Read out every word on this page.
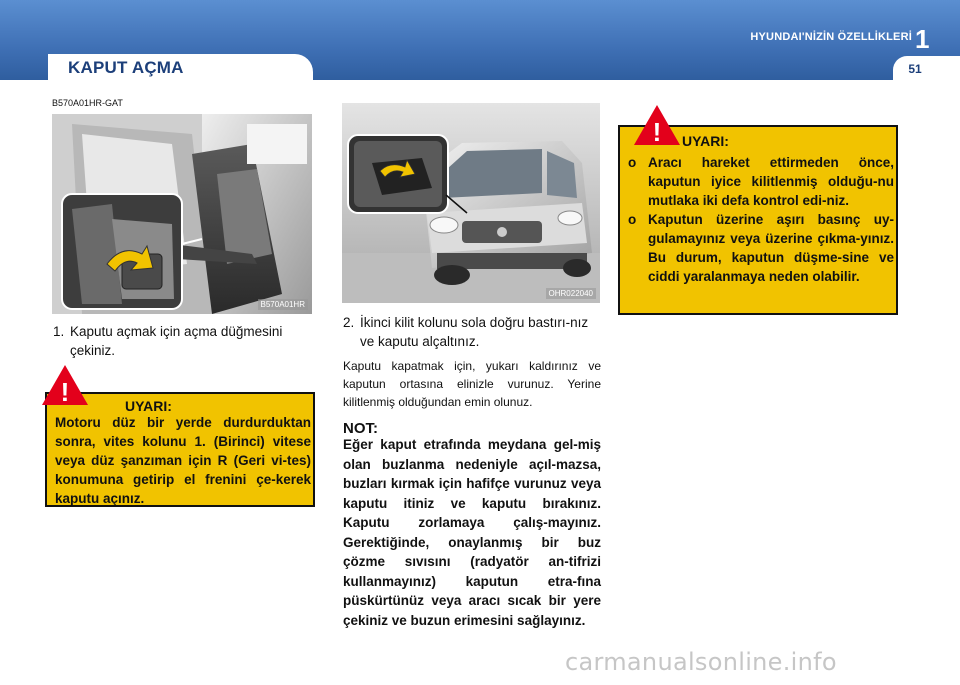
HYUNDAI'NİZİN ÖZELLİKLERİ 1
KAPUT AÇMA	51
B570A01HR-GAT
B570A01HR
OHR022040
1. Kaputu açmak için açma düğmesini çekiniz.
UYARI:
Motoru düz bir yerde durdurduktan sonra, vites kolunu 1. (Birinci) vitese veya düz şanzıman için R (Geri vi-tes) konumuna getirip el frenini çe-kerek kaputu açınız.
!
2. İkinci kilit kolunu sola doğru bastırı-nız ve kaputu alçaltınız.
Kaputu kapatmak için, yukarı kaldırınız ve kaputun ortasına elinizle vurunuz. Yerine kilitlenmiş olduğundan emin olunuz.
NOT:
Eğer kaput etrafında meydana gel-miş olan buzlanma nedeniyle açıl-mazsa, buzları kırmak için hafifçe vurunuz veya kaputu itiniz ve kaputu bırakınız. Kaputu zorlamaya çalış-mayınız. Gerektiğinde, onaylanmış bir buz çözme sıvısını (radyatör an-tifrizi kullanmayınız) kaputun etra-fına püskürtünüz veya aracı sıcak bir yere çekiniz ve buzun erimesini sağlayınız.
UYARI:
o Aracı hareket ettirmeden önce, kaputun iyice kilitlenmiş olduğu-nu mutlaka iki defa kontrol edi-niz.
o Kaputun üzerine aşırı basınç uy-gulamayınız veya üzerine çıkma-yınız. Bu durum, kaputun düşme-sine ve ciddi yaralanmaya neden olabilir.
!
carmanualsonline.info
